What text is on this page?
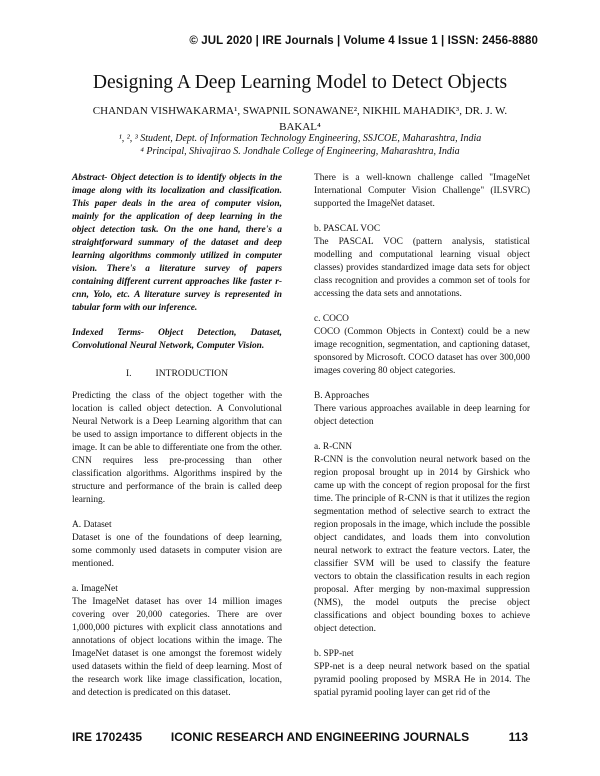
© JUL 2020 | IRE Journals | Volume 4 Issue 1 | ISSN: 2456-8880
Designing A Deep Learning Model to Detect Objects
CHANDAN VISHWAKARMA¹, SWAPNIL SONAWANE², NIKHIL MAHADIK³, DR. J. W. BAKAL⁴
¹, ², ³ Student, Dept. of Information Technology Engineering, SSJCOE, Maharashtra, India
⁴ Principal, Shivajirao S. Jondhale College of Engineering, Maharashtra, India

Abstract- Object detection is to identify objects in the image along with its localization and classification. This paper deals in the area of computer vision, mainly for the application of deep learning in the object detection task. On the one hand, there's a straightforward summary of the dataset and deep learning algorithms commonly utilized in computer vision. There's a literature survey of papers containing different current approaches like faster r-cnn, Yolo, etc. A literature survey is represented in tabular form with our inference.

Indexed Terms- Object Detection, Dataset, Convolutional Neural Network, Computer Vision.

I.          INTRODUCTION

Predicting the class of the object together with the location is called object detection. A Convolutional Neural Network is a Deep Learning algorithm that can be used to assign importance to different objects in the image. It can be able to differentiate one from the other. CNN requires less pre-processing than other classification algorithms. Algorithms inspired by the structure and performance of the brain is called deep learning.

A. Dataset

Dataset is one of the foundations of deep learning, some commonly used datasets in computer vision are mentioned.

a. ImageNet

The ImageNet dataset has over 14 million images covering over 20,000 categories. There are over 1,000,000 pictures with explicit class annotations and annotations of object locations within the image. The ImageNet dataset is one amongst the foremost widely used datasets within the field of deep learning. Most of the research work like image classification, location, and detection is predicated on this dataset.

There is a well-known challenge called "ImageNet International Computer Vision Challenge" (ILSVRC) supported the ImageNet dataset.

b. PASCAL VOC

The PASCAL VOC (pattern analysis, statistical modelling and computational learning visual object classes) provides standardized image data sets for object class recognition and provides a common set of tools for accessing the data sets and annotations.

c. COCO

COCO (Common Objects in Context) could be a new image recognition, segmentation, and captioning dataset, sponsored by Microsoft. COCO dataset has over 300,000 images covering 80 object categories.

B. Approaches

There various approaches available in deep learning for object detection

a. R-CNN

R-CNN is the convolution neural network based on the region proposal brought up in 2014 by Girshick who came up with the concept of region proposal for the first time. The principle of R-CNN is that it utilizes the region segmentation method of selective search to extract the region proposals in the image, which include the possible object candidates, and loads them into convolution neural network to extract the feature vectors. Later, the classifier SVM will be used to classify the feature vectors to obtain the classification results in each region proposal. After merging by non-maximal suppression (NMS), the model outputs the precise object classifications and object bounding boxes to achieve object detection.

b. SPP-net

SPP-net is a deep neural network based on the spatial pyramid pooling proposed by MSRA He in 2014. The spatial pyramid pooling layer can get rid of the

IRE 1702435 ICONIC RESEARCH AND ENGINEERING JOURNALS	113
